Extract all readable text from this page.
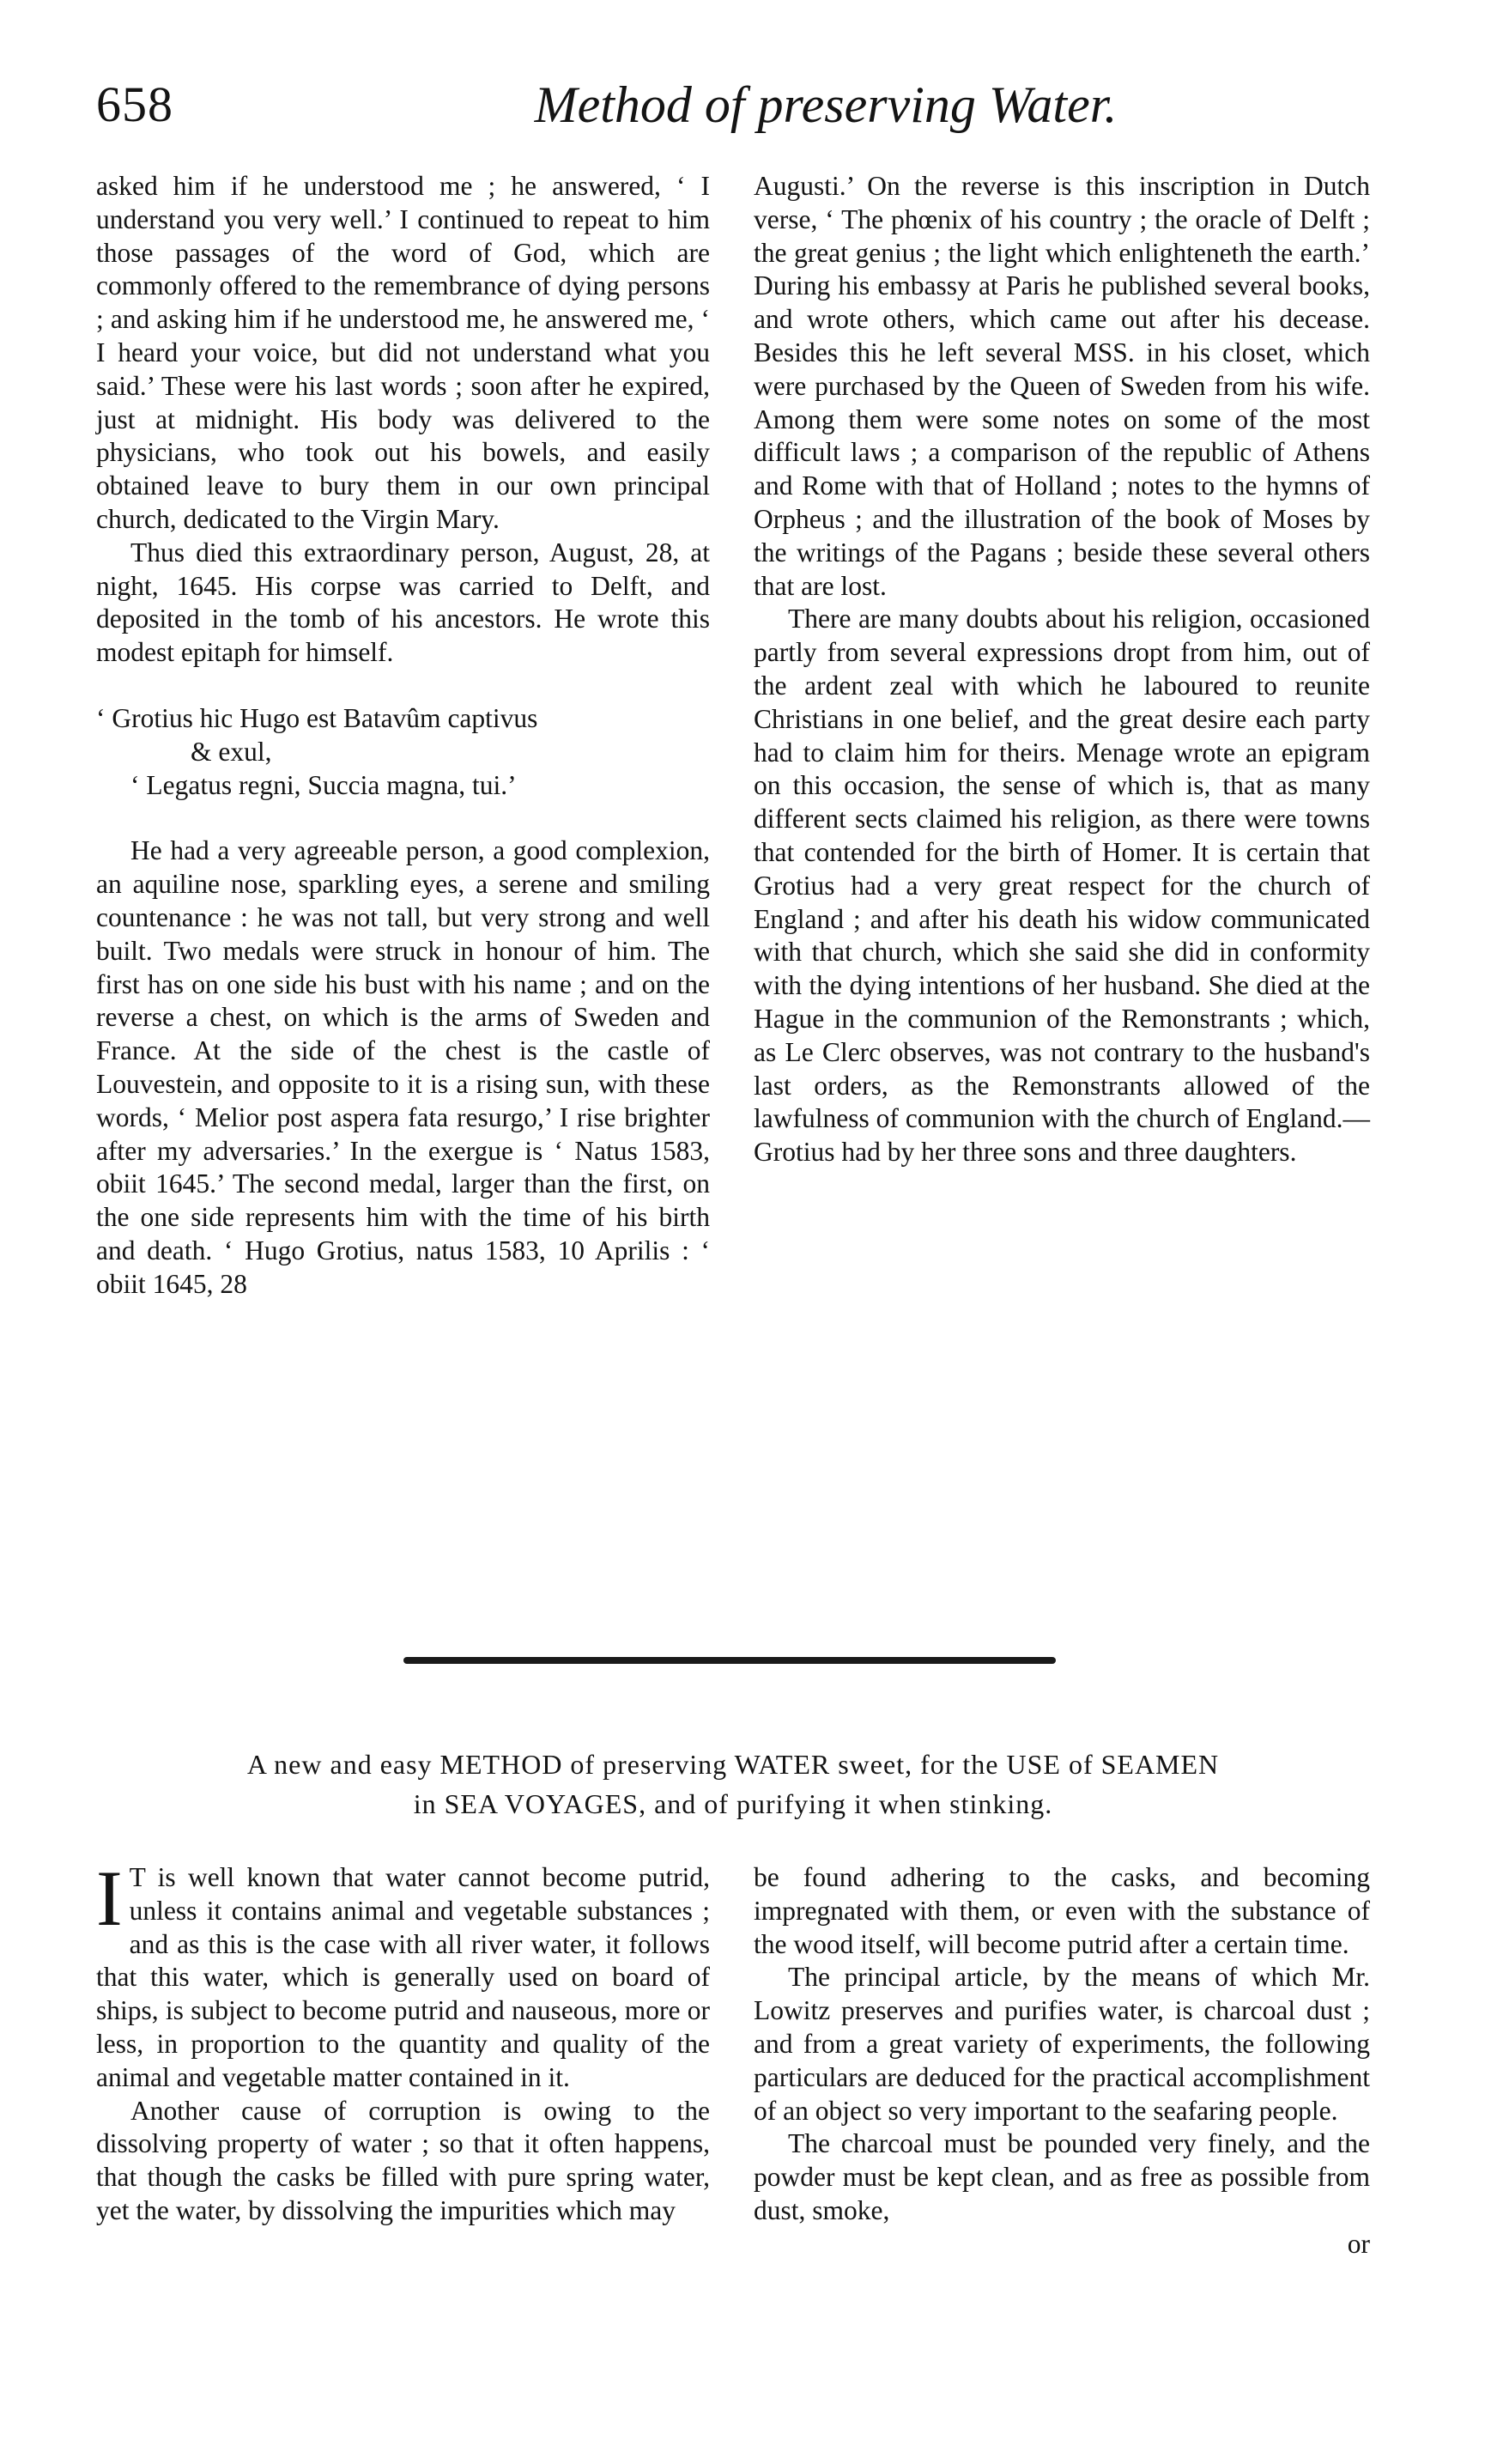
658	Method of preserving Water.

asked him if he understood me ; he answered, ‘ I understand you very well.’ I continued to repeat to him those passages of the word of God, which are commonly offered to the remembrance of dying persons ; and asking him if he understood me, he answered me, ‘ I heard your voice, but did not understand what you said.’ These were his last words ; soon after he expired, just at midnight. His body was delivered to the physicians, who took out his bowels, and easily obtained leave to bury them in our own principal church, dedicated to the Virgin Mary.

Thus died this extraordinary person, August, 28, at night, 1645. His corpse was carried to Delft, and deposited in the tomb of his ancestors. He wrote this modest epitaph for himself.

‘ Grotius hic Hugo est Batavûm captivus

& exul,

‘ Legatus regni, Succia magna, tui.’

He had a very agreeable person, a good complexion, an aquiline nose, sparkling eyes, a serene and smiling countenance : he was not tall, but very strong and well built. Two medals were struck in honour of him. The first has on one side his bust with his name ; and on the reverse a chest, on which is the arms of Sweden and France. At the side of the chest is the castle of Louvestein, and opposite to it is a rising sun, with these words, ‘ Melior post aspera fata resurgo,’ I rise brighter after my adversaries.’ In the exergue is ‘ Natus 1583, obiit 1645.’ The second medal, larger than the first, on the one side represents him with the time of his birth and death. ‘ Hugo Grotius, natus 1583, 10 Aprilis : ‘ obiit 1645, 28

Augusti.’ On the reverse is this inscription in Dutch verse, ‘ The phœnix of his country ; the oracle of Delft ; the great genius ; the light which enlighteneth the earth.’ During his embassy at Paris he published several books, and wrote others, which came out after his decease. Besides this he left several MSS. in his closet, which were purchased by the Queen of Sweden from his wife. Among them were some notes on some of the most difficult laws ; a comparison of the republic of Athens and Rome with that of Holland ; notes to the hymns of Orpheus ; and the illustration of the book of Moses by the writings of the Pagans ; beside these several others that are lost.

There are many doubts about his religion, occasioned partly from several expressions dropt from him, out of the ardent zeal with which he laboured to reunite Christians in one belief, and the great desire each party had to claim him for theirs. Menage wrote an epigram on this occasion, the sense of which is, that as many different sects claimed his religion, as there were towns that contended for the birth of Homer. It is certain that Grotius had a very great respect for the church of England ; and after his death his widow communicated with that church, which she said she did in conformity with the dying intentions of her husband. She died at the Hague in the communion of the Remonstrants ; which, as Le Clerc observes, was not contrary to the husband's last orders, as the Remonstrants allowed of the lawfulness of communion with the church of England.— Grotius had by her three sons and three daughters.

A new and easy METHOD of preserving WATER sweet, for the USE of SEAMEN
in SEA VOYAGES, and of purifying it when stinking.

IT is well known that water cannot become putrid, unless it contains animal and vegetable substances ; and as this is the case with all river water, it follows that this water, which is generally used on board of ships, is subject to become putrid and nauseous, more or less, in proportion to the quantity and quality of the animal and vegetable matter contained in it.

Another cause of corruption is owing to the dissolving property of water ; so that it often happens, that though the casks be filled with pure spring water, yet the water, by dissolving the impurities which may

be found adhering to the casks, and becoming impregnated with them, or even with the substance of the wood itself, will become putrid after a certain time.

The principal article, by the means of which Mr. Lowitz preserves and purifies water, is charcoal dust ; and from a great variety of experiments, the following particulars are deduced for the practical accomplishment of an object so very important to the seafaring people.

The charcoal must be pounded very finely, and the powder must be kept clean, and as free as possible from dust, smoke,

or
